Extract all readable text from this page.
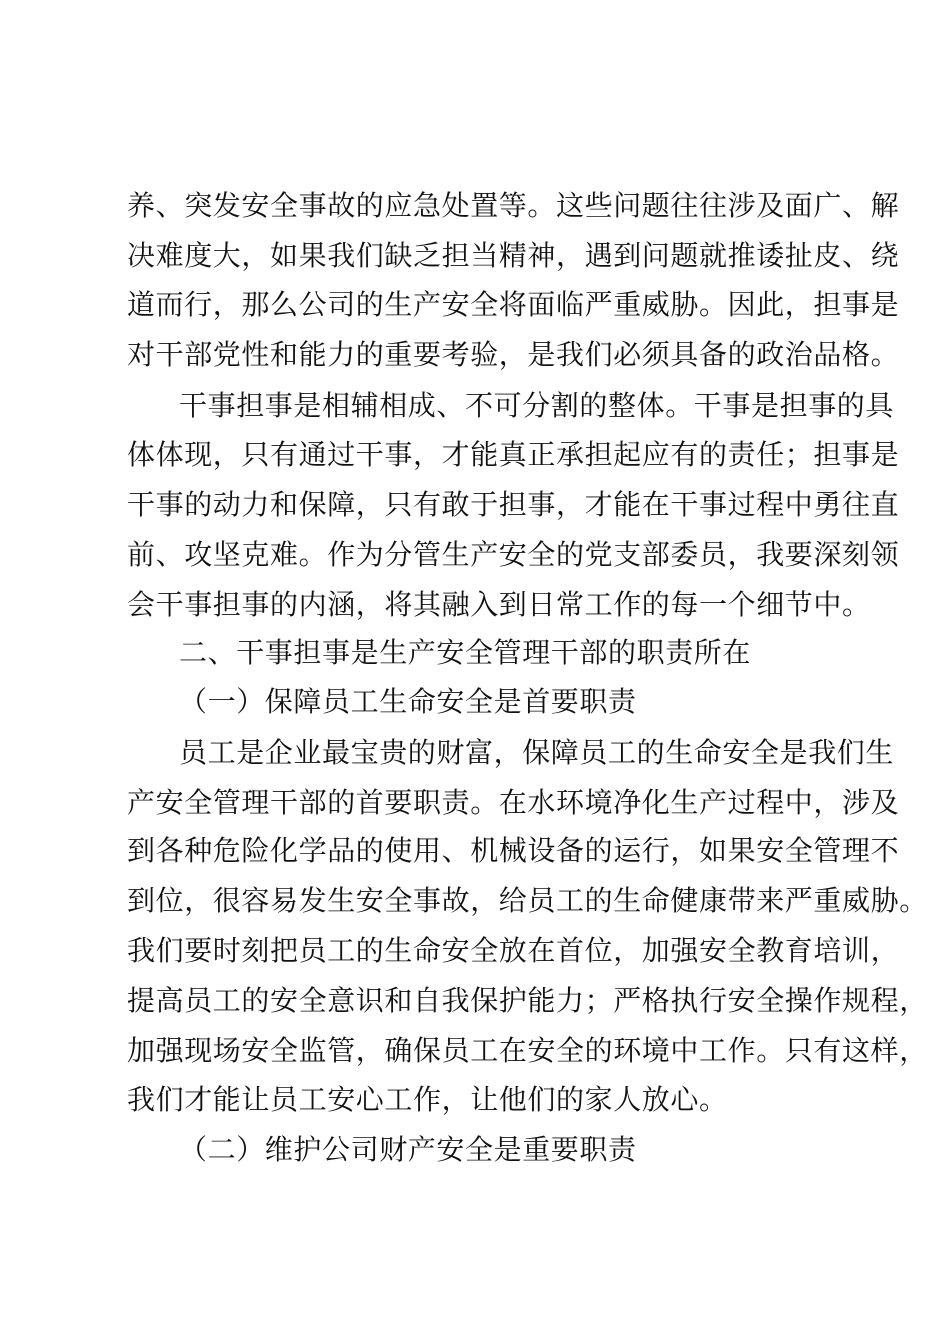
养、突发安全事故的应急处置等。这些问题往往涉及面广、解
决难度大，如果我们缺乏担当精神，遇到问题就推诿扯皮、绕
道而行，那么公司的生产安全将面临严重威胁。因此，担事是
对干部党性和能力的重要考验，是我们必须具备的政治品格。
干事担事是相辅相成、不可分割的整体。干事是担事的具
体体现，只有通过干事，才能真正承担起应有的责任；担事是
干事的动力和保障，只有敢于担事，才能在干事过程中勇往直
前、攻坚克难。作为分管生产安全的党支部委员，我要深刻领
会干事担事的内涵，将其融入到日常工作的每一个细节中。
二、干事担事是生产安全管理干部的职责所在
（一）保障员工生命安全是首要职责
员工是企业最宝贵的财富，保障员工的生命安全是我们生
产安全管理干部的首要职责。在水环境净化生产过程中，涉及
到各种危险化学品的使用、机械设备的运行，如果安全管理不
到位，很容易发生安全事故，给员工的生命健康带来严重威胁。
我们要时刻把员工的生命安全放在首位，加强安全教育培训，
提高员工的安全意识和自我保护能力；严格执行安全操作规程，
加强现场安全监管，确保员工在安全的环境中工作。只有这样，
我们才能让员工安心工作，让他们的家人放心。
（二）维护公司财产安全是重要职责
